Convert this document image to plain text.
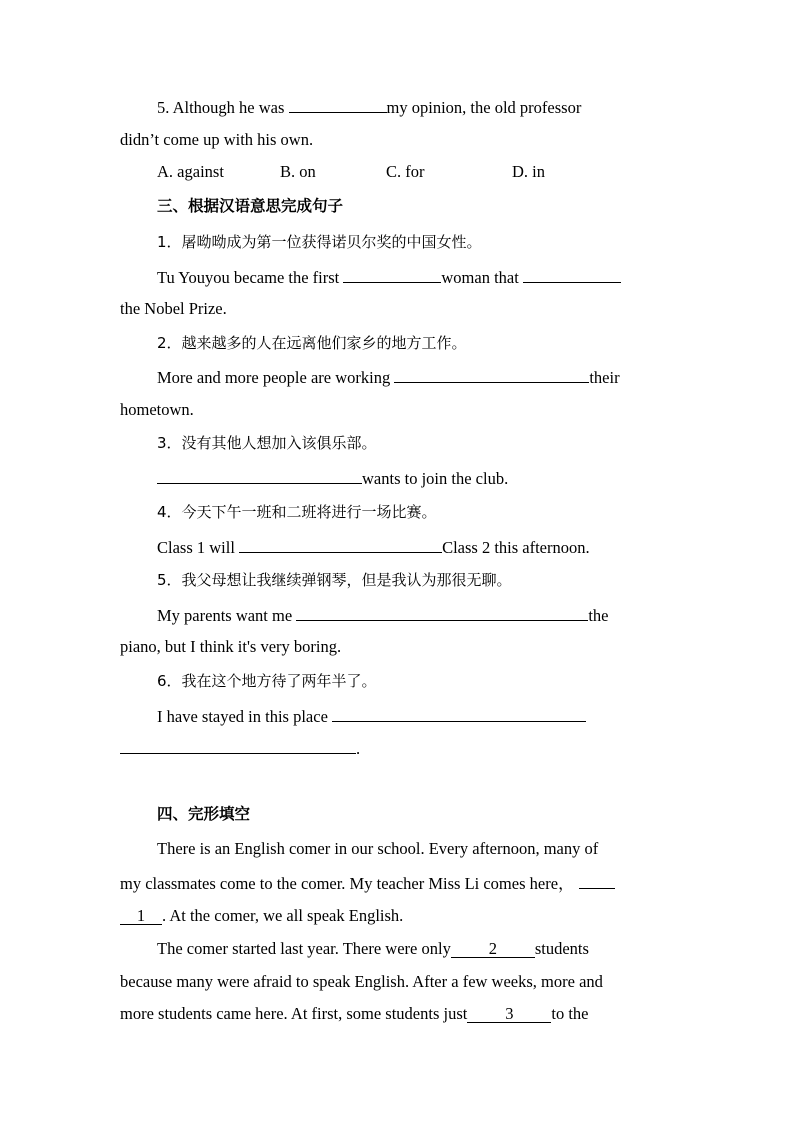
5. Although he was	my opinion, the old professor
didn’t come up with his own.
A. against	B. on	C. for	D. in
三、根据汉语意思完成句子
1．屠呦呦成为第一位获得诺贝尔奖的中国女性。
Tu Youyou became the first	woman that
the Nobel Prize.
2．越来越多的人在远离他们家乡的地方工作。
More and more people are working	their
hometown.
3．没有其他人想加入该俱乐部。
wants to join the club.
4．今天下午一班和二班将进行一场比赛。
Class 1 will	Class 2 this afternoon.
5．我父母想让我继续弹钢琴，但是我认为那很无聊。
My parents want me	the
piano, but I think it's very boring.
6．我在这个地方待了两年半了。
I have stayed in this place
.
四、完形填空
There is an English comer in our school. Every afternoon, many of
my classmates come to the comer. My teacher Miss Li comes here，
1 . At the comer, we all speak English.
The comer started last year. There were only 2 students
because many were afraid to speak English. After a few weeks, more and
more students came here. At first, some students just 3 to the
